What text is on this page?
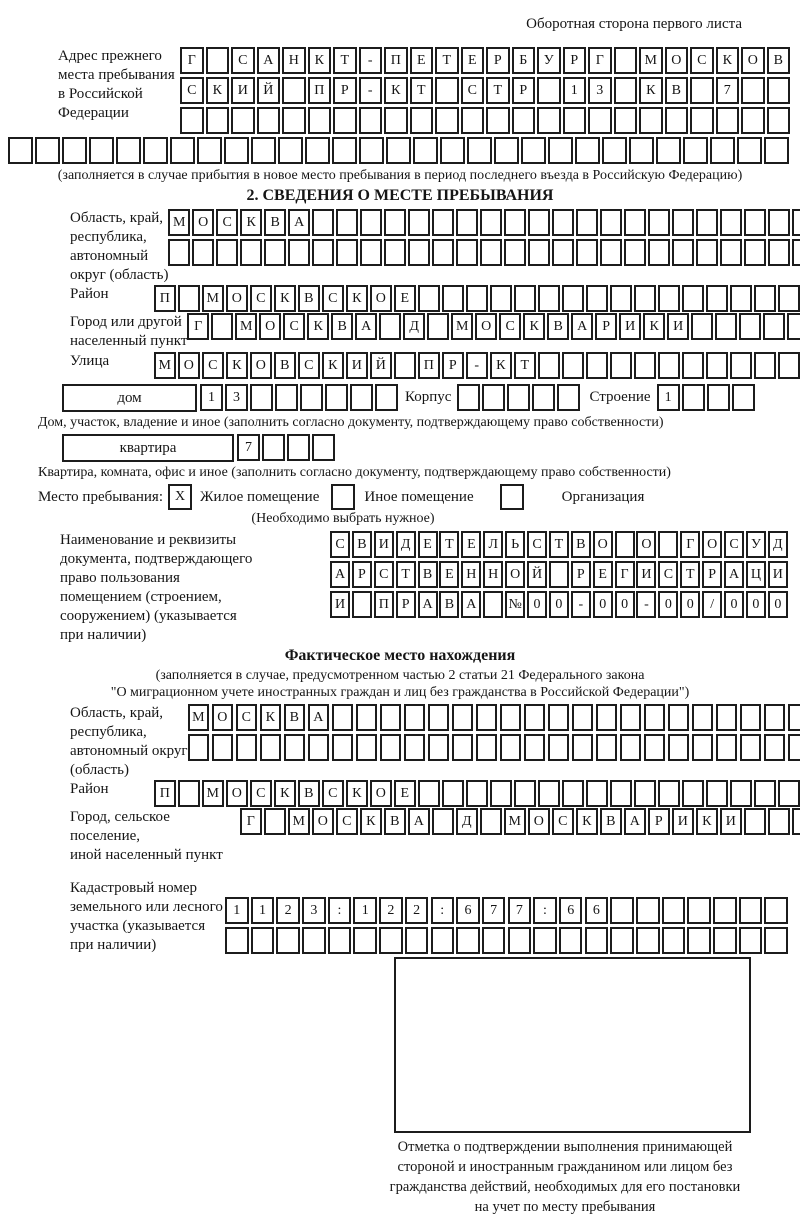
Оборотная сторона первого листа
Адрес прежнего
места пребывания
в Российской
Федерации
Г	С	А	Н	К	Т	-	П	Е	Т	Е	Р	Б	У	Р	Г	М	О	С	К	О	В
С	К	И	Й	П	Р	-	К	Т	С	Т	Р	1	3	К	В	7
(заполняется в случае прибытия в новое место пребывания в период последнего въезда в Российскую Федерацию)
2. СВЕДЕНИЯ О МЕСТЕ ПРЕБЫВАНИЯ
Область, край,
республика,
автономный
округ (область)
М О	С	К	В	А
Район	П	М О	С	К	В	С	К	О	Е
Город или другой
населенный пункт
Г	М О	С	К	В	А	Д	М О	С	К	В	А	Р	И	К	И
Улица	М О	С	К	О	В	С	К	И Й	П	Р	-	К	Т
дом	1	3	Корпус	Строение	1
Дом, участок, владение и иное (заполнить согласно документу, подтверждающему право собственности)
квартира	7
Квартира, комната, офис и иное (заполнить согласно документу, подтверждающему право собственности)
Место пребывания: X Жилое помещение	Иное помещение	Организация
(Необходимо выбрать нужное)
Наименование и реквизиты
документа, подтверждающего
право пользования
помещением (строением,
сооружением) (указывается
при наличии)
С В И Д Е Т Е Л Ь С Т В О	О	Г О С У Д
А Р С Т В Е Н Н О Й	Р Е Г И С Т Р А Ц И
И	П Р А В А	№ 0	0	-	0	0	-	0	0	/	0	0	0
Фактическое место нахождения
(заполняется в случае, предусмотренном частью 2 статьи 21 Федерального закона
"О миграционном учете иностранных граждан и лиц без гражданства в Российской Федерации")
Область, край,
республика,
автономный округ
(область)
М О	С	К	В	А
Район	П	М О	С	К	В	С	К	О	Е
Город, сельское поселение,
иной населенный пункт
Г	М О	С	К	В	А	Д	М О	С	К	В	А	Р	И	К	И
Кадастровый номер
земельного или лесного
участка (указывается
при наличии)
1	1	2	3	:	1	2	2	:	6	7	7	:	6	6
Отметка о подтверждении выполнения принимающей
стороной и иностранным гражданином или лицом без
гражданства действий, необходимых для его постановки
на учет по месту пребывания
